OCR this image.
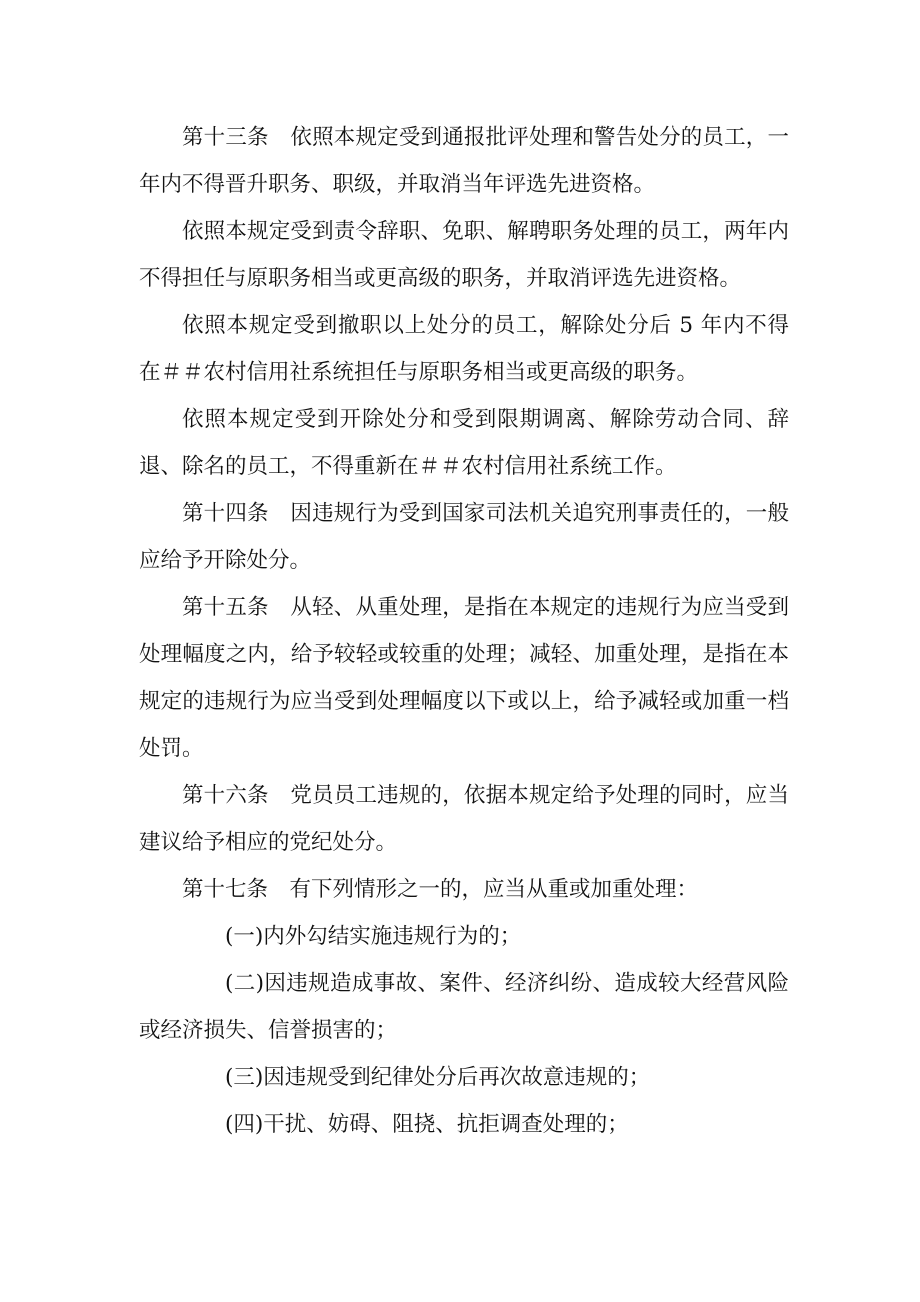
第十三条　依照本规定受到通报批评处理和警告处分的员工，一年内不得晋升职务、职级，并取消当年评选先进资格。

依照本规定受到责令辞职、免职、解聘职务处理的员工，两年内不得担任与原职务相当或更高级的职务，并取消评选先进资格。

依照本规定受到撤职以上处分的员工，解除处分后 5 年内不得在＃＃农村信用社系统担任与原职务相当或更高级的职务。

依照本规定受到开除处分和受到限期调离、解除劳动合同、辞退、除名的员工，不得重新在＃＃农村信用社系统工作。

第十四条　因违规行为受到国家司法机关追究刑事责任的，一般应给予开除处分。

第十五条　从轻、从重处理，是指在本规定的违规行为应当受到处理幅度之内，给予较轻或较重的处理；减轻、加重处理，是指在本规定的违规行为应当受到处理幅度以下或以上，给予减轻或加重一档处罚。

第十六条　党员员工违规的，依据本规定给予处理的同时，应当建议给予相应的党纪处分。

第十七条　有下列情形之一的，应当从重或加重处理：

(一)内外勾结实施违规行为的；

(二)因违规造成事故、案件、经济纠纷、造成较大经营风险或经济损失、信誉损害的；

(三)因违规受到纪律处分后再次故意违规的；

(四)干扰、妨碍、阻挠、抗拒调查处理的；
